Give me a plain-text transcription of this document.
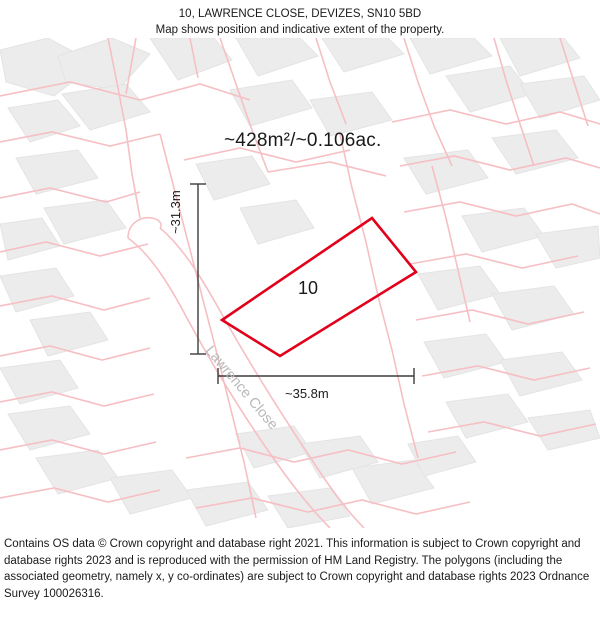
10, LAWRENCE CLOSE, DEVIZES, SN10 5BD
Map shows position and indicative extent of the property.
~428m²/~0.106ac.
10
~31.3m
~35.8m
Lawrence Close
Contains OS data © Crown copyright and database right 2021. This information is subject to Crown copyright and database rights 2023 and is reproduced with the permission of HM Land Registry. The polygons (including the associated geometry, namely x, y co-ordinates) are subject to Crown copyright and database rights 2023 Ordnance Survey 100026316.
